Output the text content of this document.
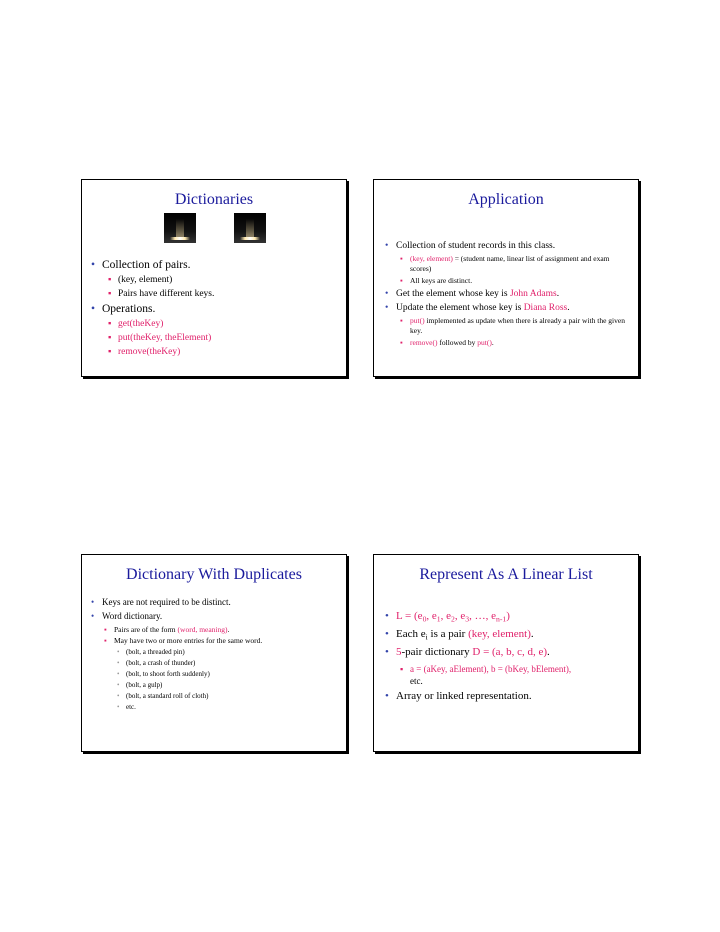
Dictionaries
• Collection of pairs.
▪ (key, element)
▪ Pairs have different keys.
• Operations.
▪ get(theKey)
▪ put(theKey, theElement)
▪ remove(theKey)
Application
• Collection of student records in this class.
▪ (key, element) = (student name, linear list of assignment and exam scores)
▪ All keys are distinct.
• Get the element whose key is John Adams.
• Update the element whose key is Diana Ross.
▪ put() implemented as update when there is already a pair with the given key.
▪ remove() followed by put().
Dictionary With Duplicates
• Keys are not required to be distinct.
• Word dictionary.
▪ Pairs are of the form (word, meaning).
▪ May have two or more entries for the same word.
• (bolt, a threaded pin)
• (bolt, a crash of thunder)
• (bolt, to shoot forth suddenly)
• (bolt, a gulp)
• (bolt, a standard roll of cloth)
• etc.
Represent As A Linear List
• $L = (e_0$, $e_1$, $e_2$, $e_3$, …, $e_{n-1}$)
• Each $e_i$ is a pair (key, element).
• 5-pair dictionary D = (a, b, c, d, e).
▪ a = (aKey, aElement), b = (bKey, bElement),
etc.
• Array or linked representation.
